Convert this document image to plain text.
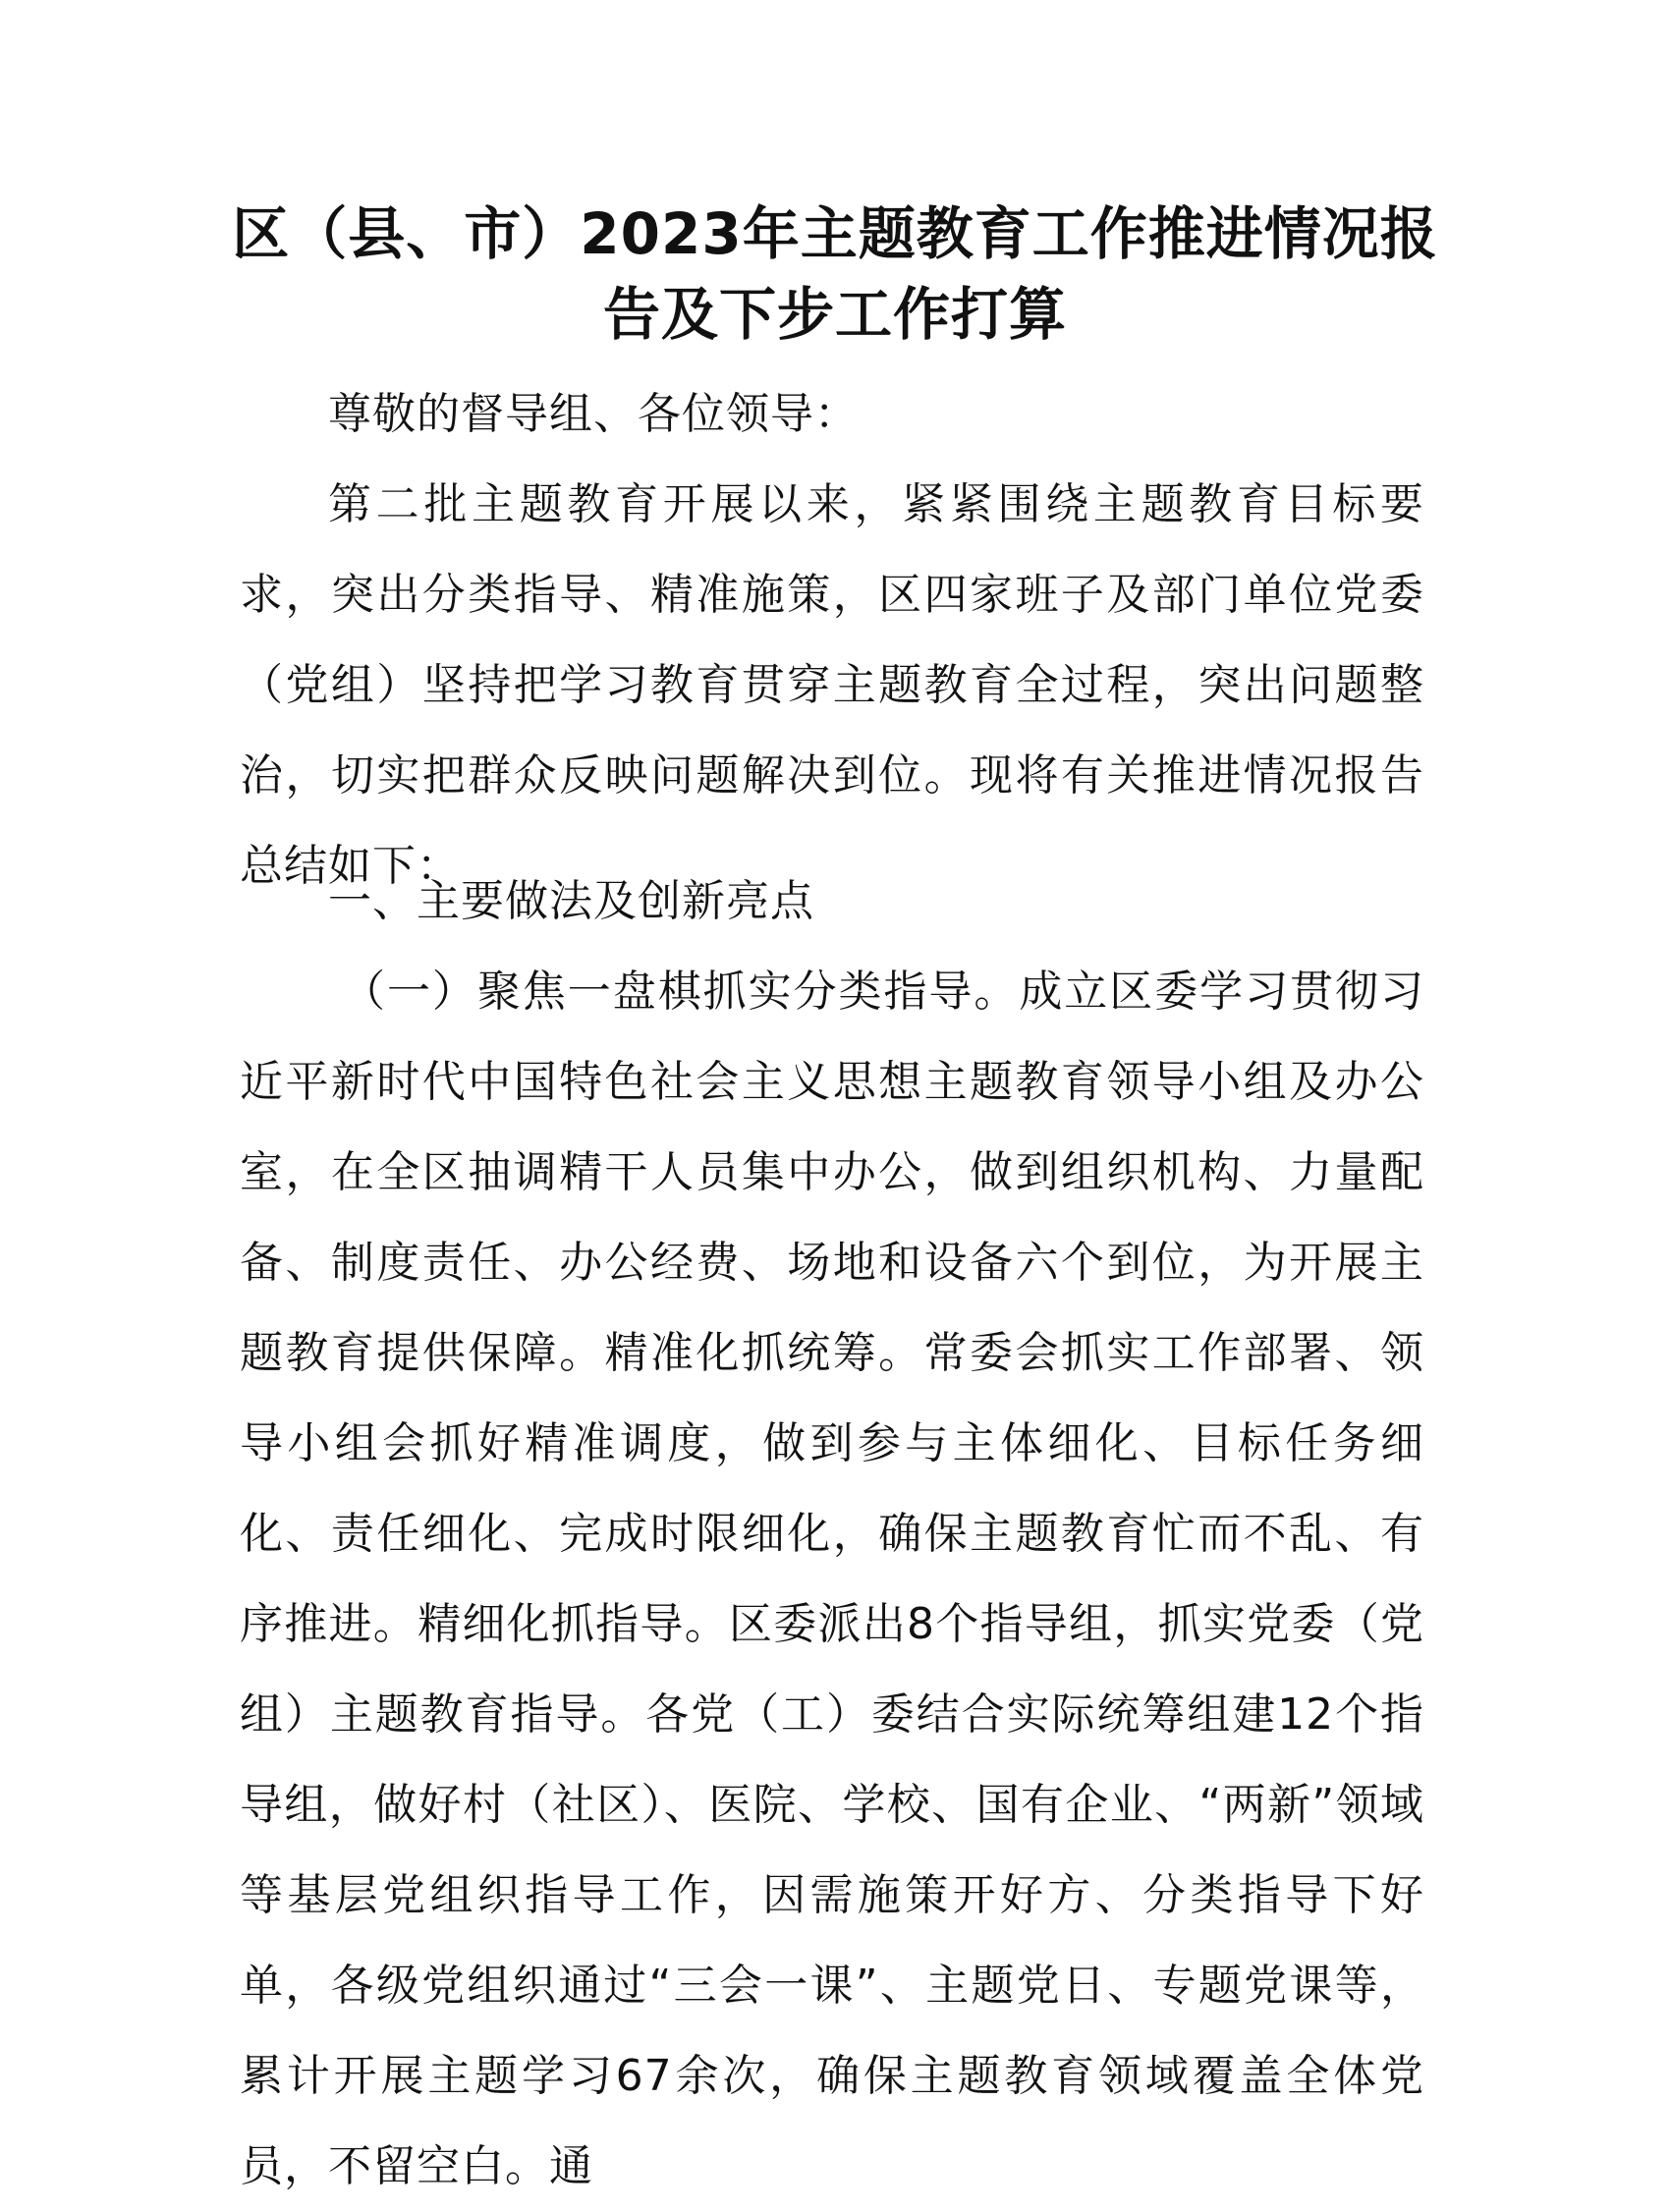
区（县、市）2023年主题教育工作推进情况报
告及下步工作打算
尊敬的督导组、各位领导：
第二批主题教育开展以来，紧紧围绕主题教育目标要求，突出分类指导、精准施策，区四家班子及部门单位党委（党组）坚持把学习教育贯穿主题教育全过程，突出问题整治，切实把群众反映问题解决到位。现将有关推进情况报告总结如下：
一、主要做法及创新亮点
（一）聚焦一盘棋抓实分类指导。成立区委学习贯彻习近平新时代中国特色社会主义思想主题教育领导小组及办公室，在全区抽调精干人员集中办公，做到组织机构、力量配备、制度责任、办公经费、场地和设备六个到位，为开展主题教育提供保障。精准化抓统筹。常委会抓实工作部署、领导小组会抓好精准调度，做到参与主体细化、目标任务细化、责任细化、完成时限细化，确保主题教育忙而不乱、有序推进。精细化抓指导。区委派出8个指导组，抓实党委（党组）主题教育指导。各党（工）委结合实际统筹组建12个指导组，做好村（社区）、医院、学校、国有企业、“两新”领域等基层党组织指导工作，因需施策开好方、分类指导下好单，各级党组织通过“三会一课”、主题党日、专题党课等，累计开展主题学习67余次，确保主题教育领域覆盖全体党员，不留空白。通
